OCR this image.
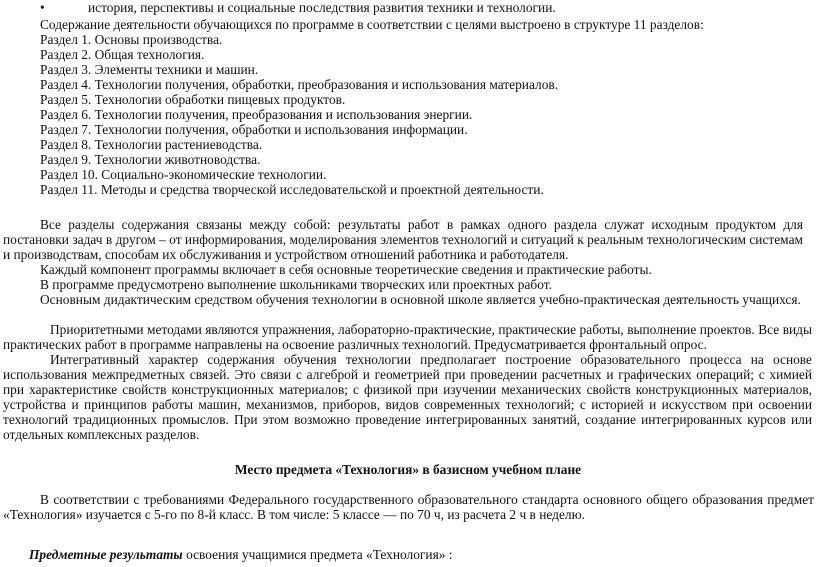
•	история, перспективы и социальные последствия развития техники и технологии.
Содержание деятельности обучающихся по программе в соответствии с целями выстроено в структуре 11 разделов:
Раздел 1. Основы производства.
Раздел 2. Общая технология.
Раздел 3. Элементы техники и машин.
Раздел 4. Технологии получения, обработки, преобразования и использования материалов.
Раздел 5. Технологии обработки пищевых продуктов.
Раздел 6. Технологии получения, преобразования и использования энергии.
Раздел 7. Технологии получения, обработки и использования информации.
Раздел 8. Технологии растениеводства.
Раздел 9. Технологии животноводства.
Раздел 10. Социально-экономические технологии.
Раздел 11. Методы и средства творческой исследовательской и проектной деятельности.
Все разделы содержания связаны между собой: результаты работ в рамках одного раздела служат исходным продуктом для
постановки задач в другом – от информирования, моделирования элементов технологий и ситуаций к реальным технологическим системам
и производствам, способам их обслуживания и устройством отношений работника и работодателя.
Каждый компонент программы включает в себя основные теоретические сведения и практические работы.
В программе предусмотрено выполнение школьниками творческих или проектных работ.
Основным дидактическим средством обучения технологии в основной школе является учебно-практическая деятельность учащихся.
Приоритетными методами являются упражнения, лабораторно-практические, практические работы, выполнение проектов. Все виды
практических работ в программе направлены на освоение различных технологий. Предусматривается фронтальный опрос.
Интегративный характер содержания обучения технологии предполагает построение образовательного процесса на основе
использования межпредметных связей. Это связи с алгеброй и геометрией при проведении расчетных и графических операций; с химией
при характеристике свойств конструкционных материалов; с физикой при изучении механических свойств конструкционных материалов,
устройства и принципов работы машин, механизмов, приборов, видов современных технологий; с историей и искусством при освоении
технологий традиционных промыслов. При этом возможно проведение интегрированных занятий, создание интегрированных курсов или
отдельных комплексных разделов.
Место предмета «Технология» в базисном учебном плане
В соответствии с требованиями Федерального государственного образовательного стандарта основного общего образования предмет
«Технология» изучается с 5-го по 8-й класс. В том числе: 5 классе — по 70 ч, из расчета 2 ч в неделю.
Предметные результаты освоения учащимися предмета «Технология» :
